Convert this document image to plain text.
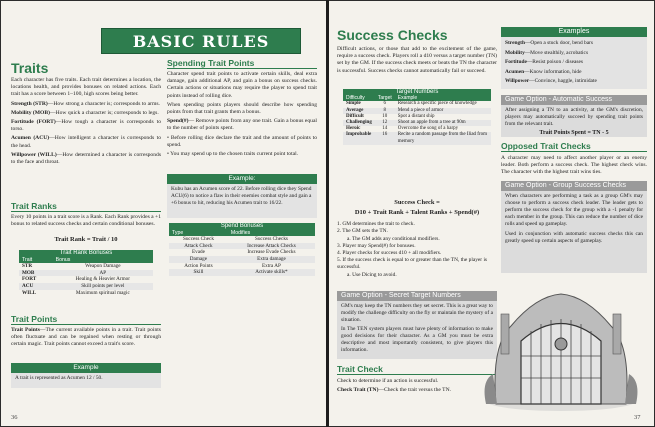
BASIC RULES
Traits

Each character has five traits. Each trait determines a location, the locations health, and provides bonuses on related actions. Each trait has a score between 1–100, high scores being better.

Strength (STR)—How strong a character is; corresponds to arms.

Mobility (MOB)—How quick a character is; corresponds to legs.

Fortitude (FORT)—How tough a character is corresponds to torso.

Acumen (ACU)—How intelligent a character is corresponds to the head.

Willpower (WILL)—How determined a character is corresponds to the face and throat.

Trait Ranks
Every 10 points in a trait score is a Rank. Each Rank provides a +1 bonus to related success checks and certain conditional bonuses.
Trait Rank = Trait / 10
Trait Rank Bonuses	
Trait	Bonus
STR	Weapon Damage
MOB	AP
FORT	Healing & Heavier Armor
ACU	Skill points per level
WILL	Maximum spiritual magic
Trait Points
Trait Points—The current available points in a trait. Trait points often fluctuate and can be regained when resting or through certain magic. Trait points cannot exceed a trait's score.
Example
A trait is represented as Acumen 12 / 50.
Spending Trait Points

Character spend trait points to activate certain skills, deal extra damage, gain additional AP, and gain a bonus on success checks. Certain actions or situations may require the player to spend trait points instead of rolling dice.

When spending points players should describe how spending points from that trait grants them a bonus.

Spend(#)— Remove points from any one trait. Gain a bonus equal to the number of points spent.

• Before rolling dice declare the trait and the amount of points to spend.

• You may spend up to the chosen traits current point total.

Example:
Kubu has an Acumen score of 22. Before rolling dice they Spend ACU(6) to notice a flaw in their enemies combat style and gain a +6 bonus to hit, reducing his Acumen trait to 16/22.
Spend Bonuses	
Type	Modifies
Success Check	Success Checks
Attack Check	Increase Attack Checks
Evade	Increase Evade Checks
Damage	Extra damage
Action Points	Extra AP
Skill	Activate skills*
36
Success Checks
Difficult actions, or those that add to the excitement of the game, require a success check. Players roll a d10 versus a target number (TN) set by the GM. If the success check meets or beats the TN the character is successful. Success checks cannot automatically fail or succeed.
Target Numbers		
Difficulty	Target	Example
Simple	6	Research a specific piece of knowledge
Average	8	Mend a piece of armor
Difficult	10	Spot a distant ship
Challenging	12	Shoot an apple from a tree at 90m
Heroic	14	Overcome the song of a harpy
Improbable	16	Recite a random passage from the Iliad from memory
Success Check =
D10 + Trait Rank + Talent Ranks + Spend(#)
1. GM determines the trait to check.
2. The GM sets the TN.
a. The GM adds any conditional modifiers.
3. Player may Spend(#) for bonuses.
4. Player checks for success d10 + all modifiers.
5. If the success check is equal to or greater than the TN, the player is successful.
a. Use Dicing to avoid.
Game Option - Secret Target Numbers

GM's may keep the TN numbers they set secret. This is a great way to modify the challenge difficulty on the fly or maintain the mystery of a situation.

In The TEN system players must have plenty of information to make good decisions for their character. As a GM you must be extra descriptive and most importantly consistent, to give players this information.

Trait Check

Check to determine if an action is successful.

Check Trait (TN)—Check the trait versus the TN.

Examples
Strength—Open a stuck door, bend bars
Mobility—Move stealthily, acrobatics
Fortitude—Resist poison / diseases
Acumen—Know information, hide
Willpower—Convince, haggle, intimidate
Game Option - Automatic Success

After assigning a TN to an activity, at the GM's discretion, players may automatically succeed by spending trait points from the relevant trait.

Trait Points Spent = TN - 5

Opposed Trait Checks
A character may need to affect another player or an enemy leader. Both perform a success check. The highest check wins. The character with the highest trait wins ties.
Game Option - Group Success Checks

When characters are performing a task as a group GM's may choose to perform a success check leader. The leader gets to perform the success check for the group with a -1 penalty for each member in the group. This can reduce the number of dice rolls and speed up gameplay.

Used in conjunction with automatic success checks this can greatly speed up certain aspects of gameplay.

37
